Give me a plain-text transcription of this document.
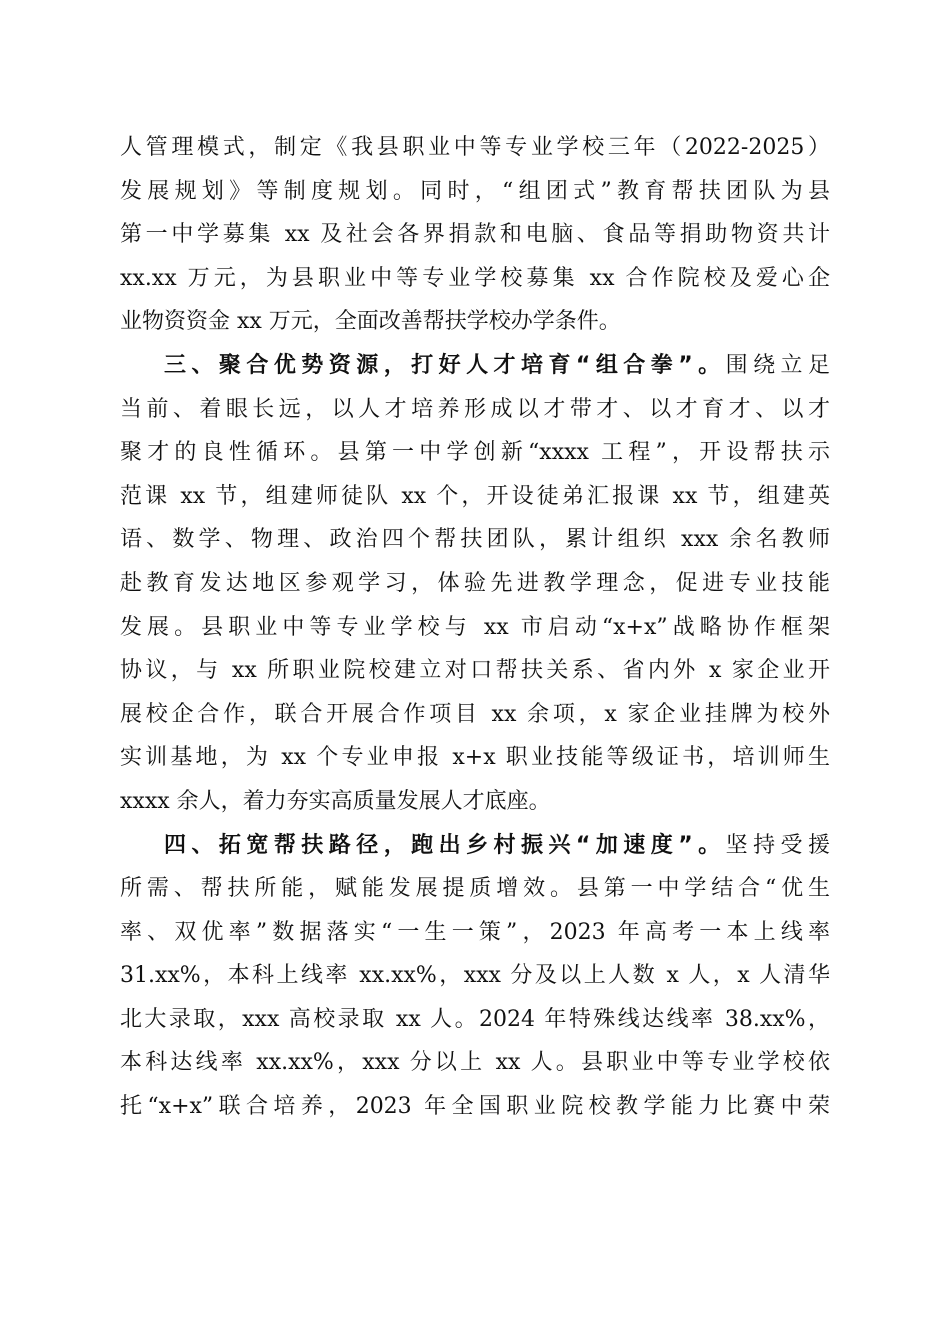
人管理模式，制定《我县职业中等专业学校三年（2022-2025）
发展规划》等制度规划。同时，“组团式”教育帮扶团队为县
第一中学募集 xx 及社会各界捐款和电脑、食品等捐助物资共计
xx.xx 万元，为县职业中等专业学校募集 xx 合作院校及爱心企
业物资资金 xx 万元，全面改善帮扶学校办学条件。
三、聚合优势资源，打好人才培育“组合拳”。围绕立足
当前、着眼长远，以人才培养形成以才带才、以才育才、以才
聚才的良性循环。县第一中学创新“xxxx 工程”，开设帮扶示
范课 xx 节，组建师徒队 xx 个，开设徒弟汇报课 xx 节，组建英
语、数学、物理、政治四个帮扶团队，累计组织 xxx 余名教师
赴教育发达地区参观学习，体验先进教学理念，促进专业技能
发展。县职业中等专业学校与 xx 市启动“x+x”战略协作框架
协议，与 xx 所职业院校建立对口帮扶关系、省内外 x 家企业开
展校企合作，联合开展合作项目 xx 余项，x 家企业挂牌为校外
实训基地，为 xx 个专业申报 x+x 职业技能等级证书，培训师生
xxxx 余人，着力夯实高质量发展人才底座。
四、拓宽帮扶路径，跑出乡村振兴“加速度”。坚持受援
所需、帮扶所能，赋能发展提质增效。县第一中学结合“优生
率、双优率”数据落实“一生一策”，2023 年高考一本上线率
31.xx%，本科上线率 xx.xx%，xxx 分及以上人数 x 人，x 人清华
北大录取，xxx 高校录取 xx 人。2024 年特殊线达线率 38.xx%，
本科达线率 xx.xx%，xxx 分以上 xx 人。县职业中等专业学校依
托“x+x”联合培养，2023 年全国职业院校教学能力比赛中荣
